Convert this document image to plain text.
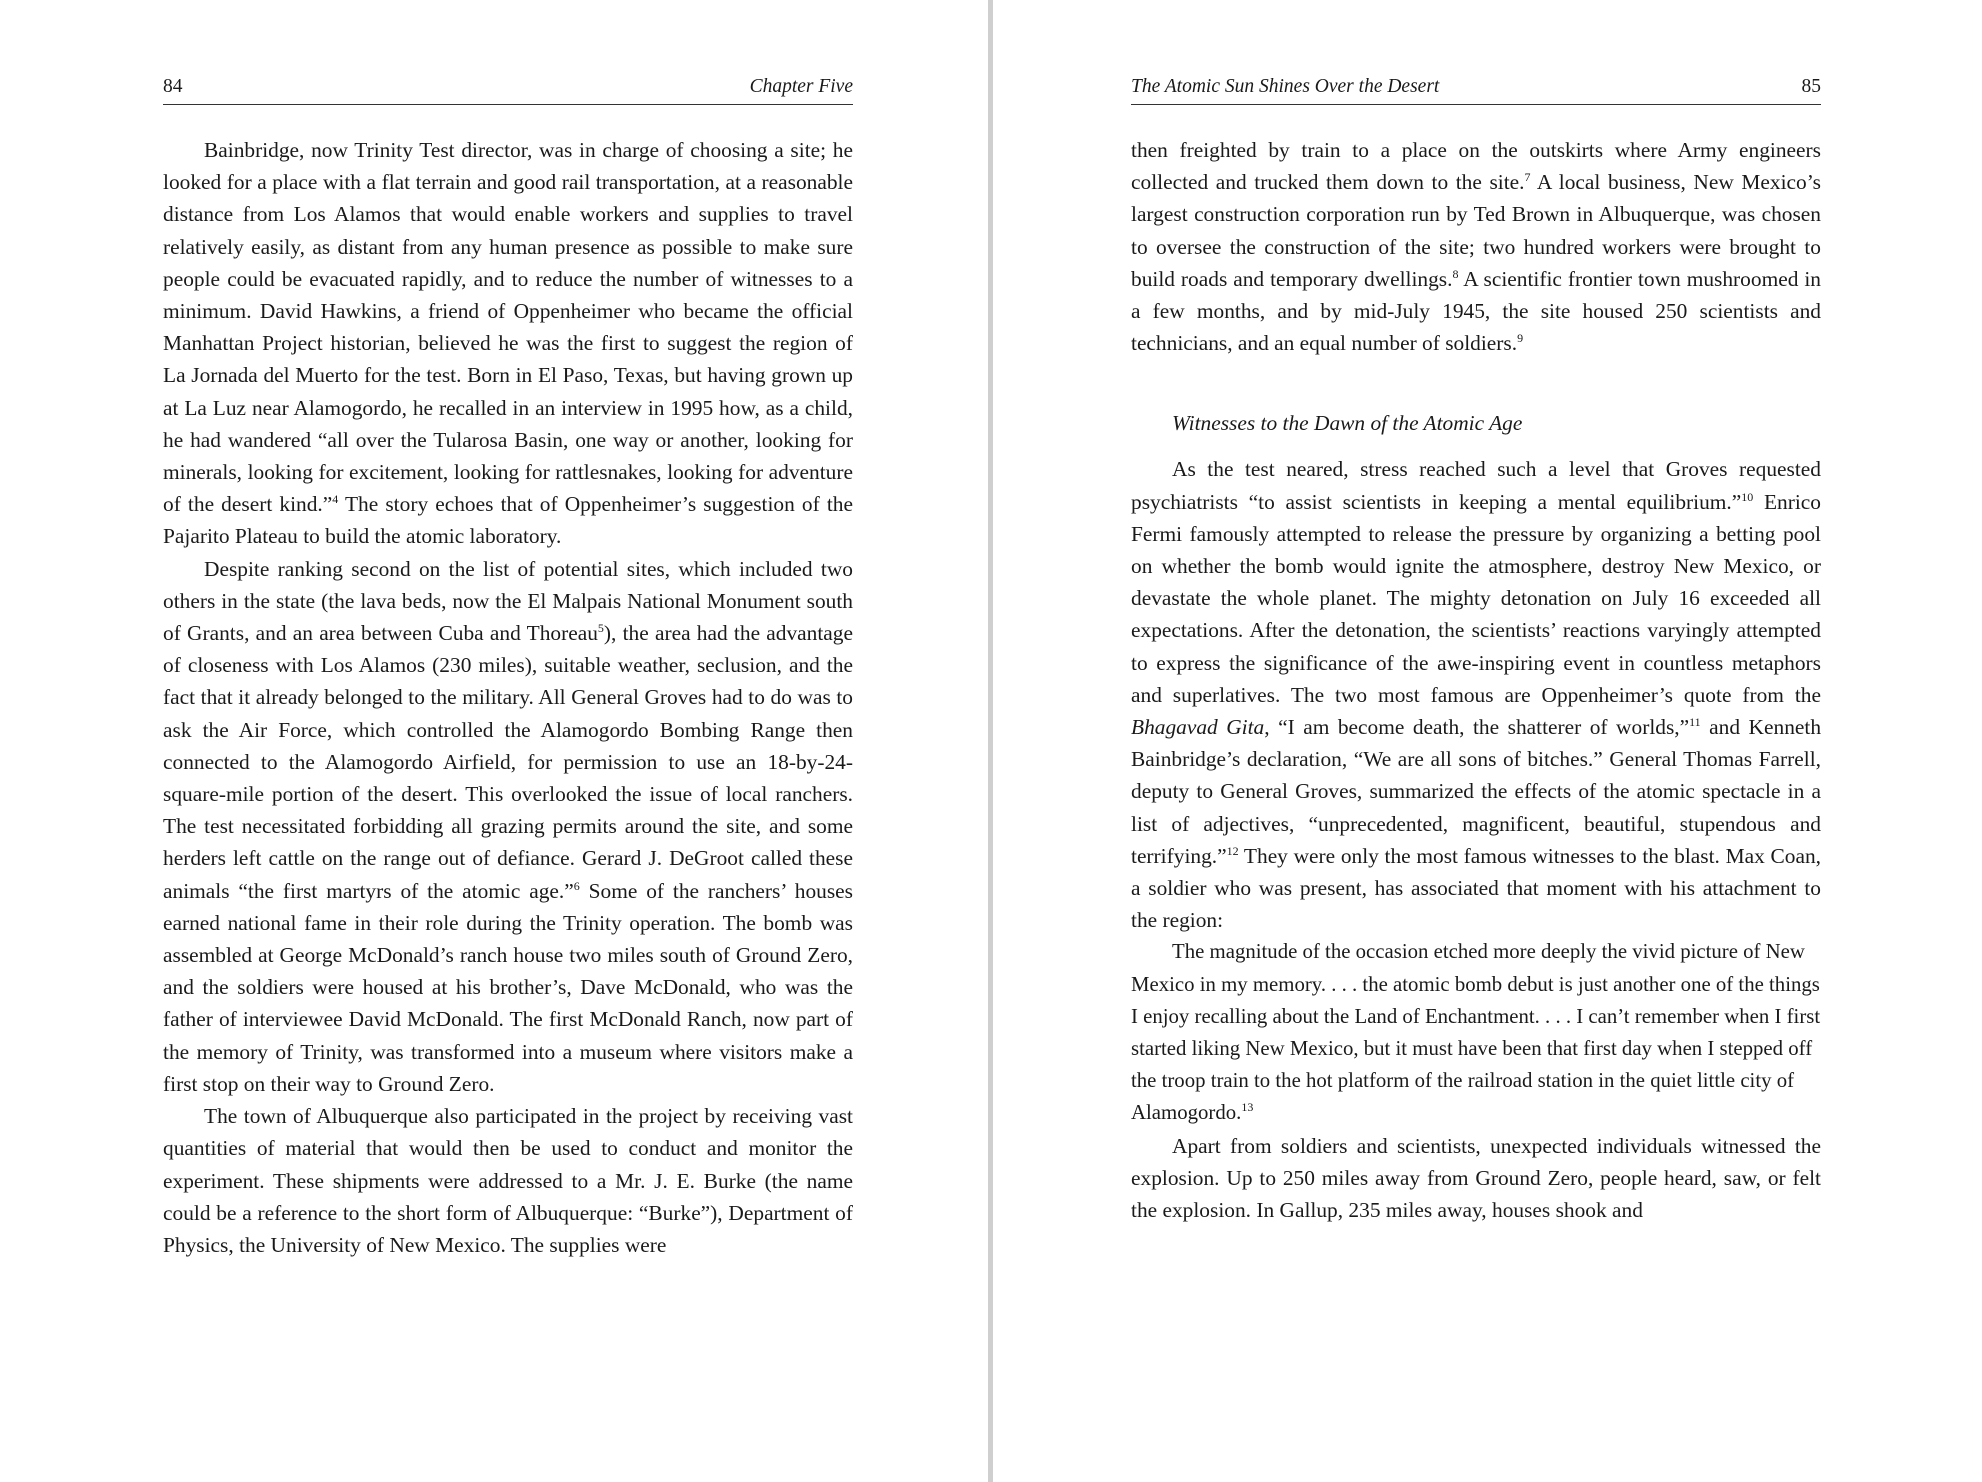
84	Chapter Five

Bainbridge, now Trinity Test director, was in charge of choosing a site; he looked for a place with a flat terrain and good rail transportation, at a reasonable distance from Los Alamos that would enable workers and supplies to travel relatively easily, as distant from any human presence as possible to make sure people could be evacuated rapidly, and to reduce the number of witnesses to a minimum. David Hawkins, a friend of Oppenheimer who became the official Manhattan Project historian, believed he was the first to suggest the region of La Jornada del Muerto for the test. Born in El Paso, Texas, but having grown up at La Luz near Alamogordo, he recalled in an interview in 1995 how, as a child, he had wandered “all over the Tularosa Basin, one way or another, looking for minerals, looking for excitement, looking for rattlesnakes, looking for adventure of the desert kind.”$^4$ The story echoes that of Oppenheimer’s suggestion of the Pajarito Plateau to build the atomic laboratory.

Despite ranking second on the list of potential sites, which included two others in the state (the lava beds, now the El Malpais National Monument south of Grants, and an area between Cuba and Thoreau$^5$), the area had the advantage of closeness with Los Alamos (230 miles), suitable weather, seclusion, and the fact that it already belonged to the military. All General Groves had to do was to ask the Air Force, which controlled the Alamogordo Bombing Range then connected to the Alamogordo Airfield, for permission to use an 18-by-24-square-mile portion of the desert. This overlooked the issue of local ranchers. The test necessitated forbidding all grazing permits around the site, and some herders left cattle on the range out of defiance. Gerard J. DeGroot called these animals “the first martyrs of the atomic age.”$^6$ Some of the ranchers’ houses earned national fame in their role during the Trinity operation. The bomb was assembled at George McDonald’s ranch house two miles south of Ground Zero, and the soldiers were housed at his brother’s, Dave McDonald, who was the father of interviewee David McDonald. The first McDonald Ranch, now part of the memory of Trinity, was transformed into a museum where visitors make a first stop on their way to Ground Zero.

The town of Albuquerque also participated in the project by receiving vast quantities of material that would then be used to conduct and monitor the experiment. These shipments were addressed to a Mr. J. E. Burke (the name could be a reference to the short form of Albuquerque: “Burke”), Department of Physics, the University of New Mexico. The supplies were

The Atomic Sun Shines Over the Desert	85

then freighted by train to a place on the outskirts where Army engineers collected and trucked them down to the site.$^7$ A local business, New Mexico’s largest construction corporation run by Ted Brown in Albuquerque, was chosen to oversee the construction of the site; two hundred workers were brought to build roads and temporary dwellings.$^8$ A scientific frontier town mushroomed in a few months, and by mid-July 1945, the site housed 250 scientists and technicians, and an equal number of soldiers.$^9$

Witnesses to the Dawn of the Atomic Age

As the test neared, stress reached such a level that Groves requested psychiatrists “to assist scientists in keeping a mental equilibrium.”$^{10}$ Enrico Fermi famously attempted to release the pressure by organizing a betting pool on whether the bomb would ignite the atmosphere, destroy New Mexico, or devastate the whole planet. The mighty detonation on July 16 exceeded all expectations. After the detonation, the scientists’ reactions varyingly attempted to express the significance of the awe-inspiring event in countless metaphors and superlatives. The two most famous are Oppenheimer’s quote from the Bhagavad Gita, “I am become death, the shatterer of worlds,”$^{11}$ and Kenneth Bainbridge’s declaration, “We are all sons of bitches.” General Thomas Farrell, deputy to General Groves, summarized the effects of the atomic spectacle in a list of adjectives, “unprecedented, magnificent, beautiful, stupendous and terrifying.”$^{12}$ They were only the most famous witnesses to the blast. Max Coan, a soldier who was present, has associated that moment with his attachment to the region:

The magnitude of the occasion etched more deeply the vivid picture of New Mexico in my memory. . . . the atomic bomb debut is just another one of the things I enjoy recalling about the Land of Enchantment. . . . I can’t remember when I first started liking New Mexico, but it must have been that first day when I stepped off the troop train to the hot platform of the railroad station in the quiet little city of Alamogordo.$^{13}$

Apart from soldiers and scientists, unexpected individuals witnessed the explosion. Up to 250 miles away from Ground Zero, people heard, saw, or felt the explosion. In Gallup, 235 miles away, houses shook and
